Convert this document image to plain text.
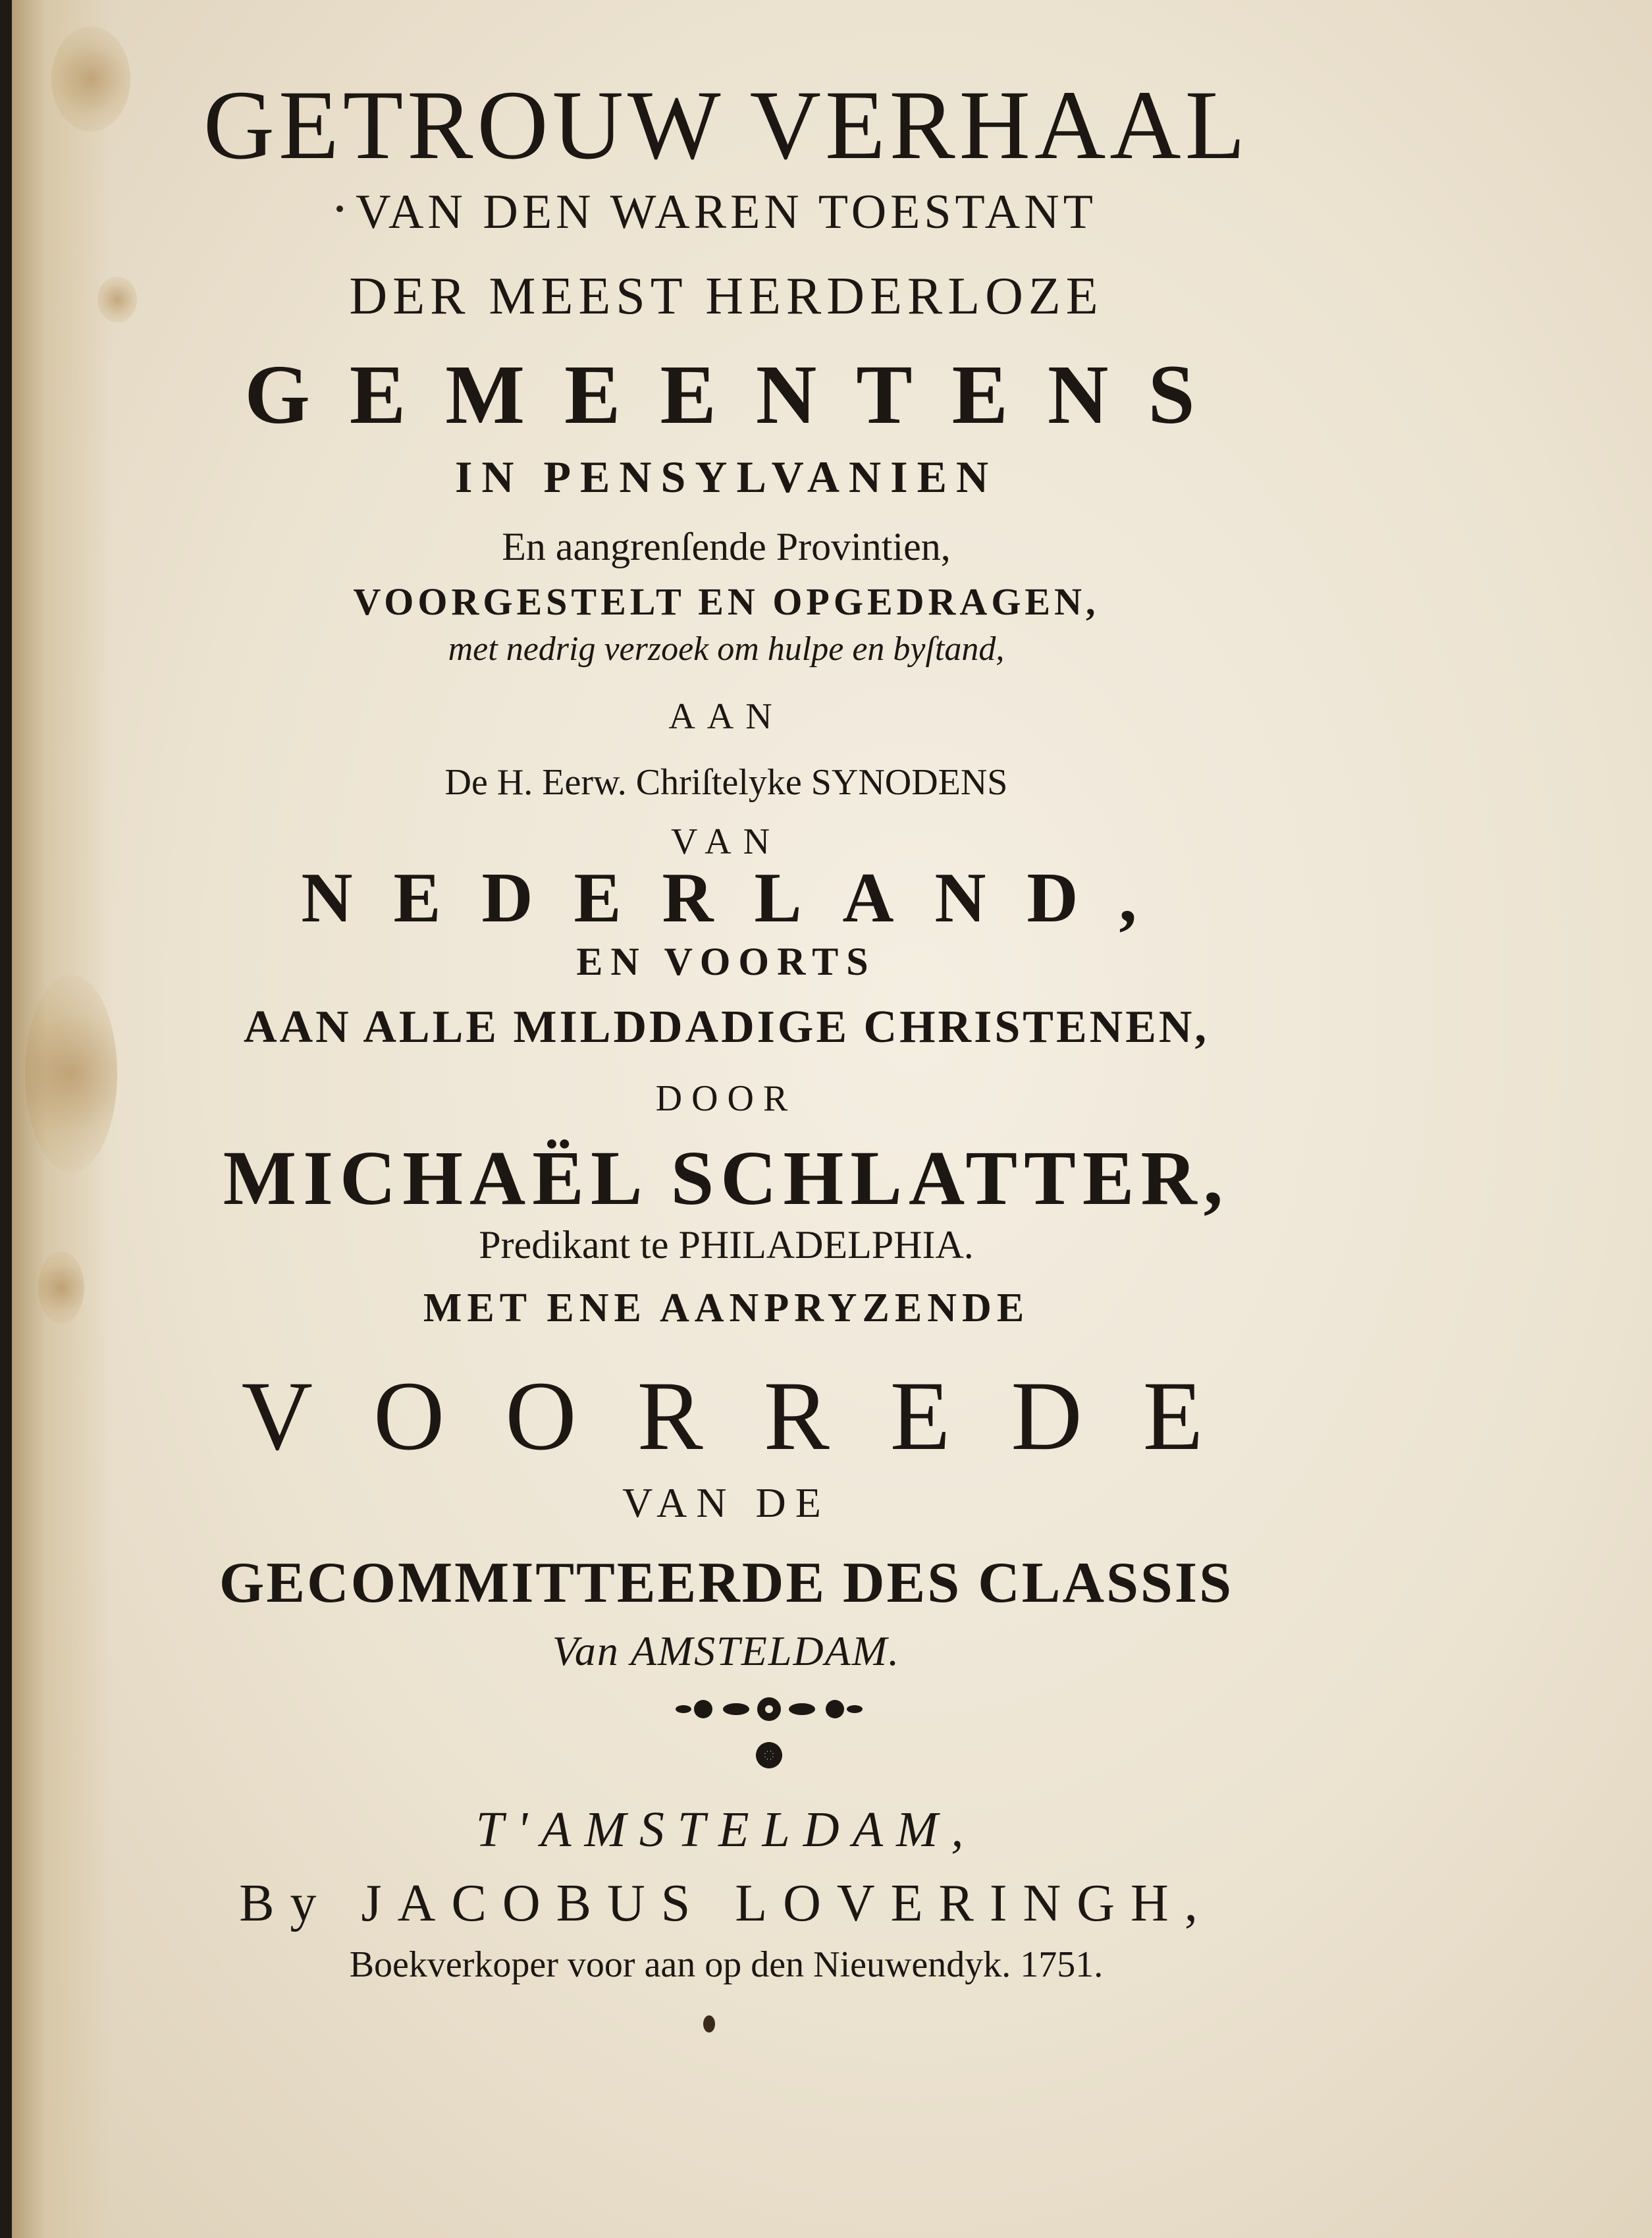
GETROUW VERHAAL
VAN DEN WAREN TOESTANT
DER MEEST HERDERLOZE
GEMEENTENS
IN PENSYLVANIEN
En aangrenſende Provintien,
VOORGESTELT EN OPGEDRAGEN,
met nedrig verzoek om hulpe en byſtand,
AAN
De H. Eerw. Chriſtelyke SYNODENS
VAN
NEDERLAND,
EN VOORTS
AAN ALLE MILDDADIGE CHRISTENEN,
DOOR
MICHAËL SCHLATTER,
Predikant te PHILADELPHIA.
MET ENE AANPRYZENDE
VOORREDE
VAN DE
GECOMMITTEERDE DES CLASSIS
Van AMSTELDAM.
T'AMSTELDAM,
By JACOBUS LOVERINGH,
Boekverkoper voor aan op den Nieuwendyk. 1751.
